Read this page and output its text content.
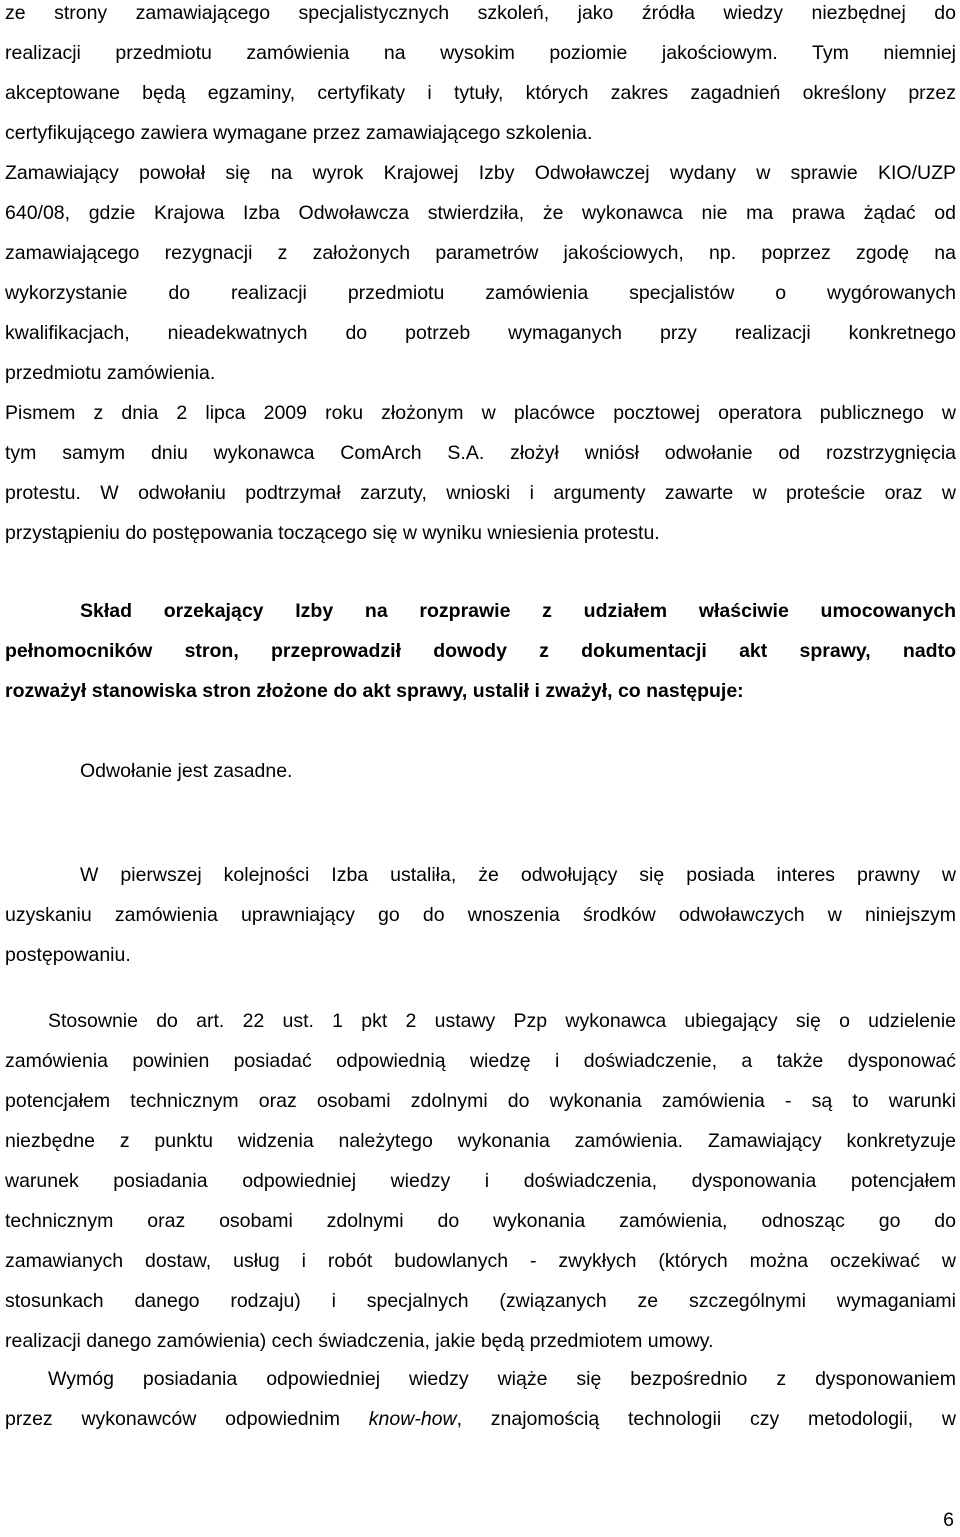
ze strony zamawiającego specjalistycznych szkoleń, jako źródła wiedzy niezbędnej do
realizacji przedmiotu zamówienia na wysokim poziomie jakościowym. Tym niemniej
akceptowane będą egzaminy, certyfikaty i tytuły, których zakres zagadnień określony przez
certyfikującego zawiera wymagane przez zamawiającego szkolenia.
Zamawiający powołał się na wyrok Krajowej Izby Odwoławczej wydany w sprawie KIO/UZP
640/08, gdzie Krajowa Izba Odwoławcza stwierdziła, że wykonawca nie ma prawa żądać od
zamawiającego rezygnacji z założonych parametrów jakościowych, np. poprzez zgodę na
wykorzystanie do realizacji przedmiotu zamówienia specjalistów o wygórowanych
kwalifikacjach, nieadekwatnych do potrzeb wymaganych przy realizacji konkretnego
przedmiotu zamówienia.
Pismem z dnia 2 lipca 2009 roku złożonym w placówce pocztowej operatora publicznego w
tym samym dniu wykonawca ComArch S.A. złożył wniósł odwołanie od rozstrzygnięcia
protestu. W odwołaniu podtrzymał zarzuty, wnioski i argumenty zawarte w proteście oraz w
przystąpieniu do postępowania toczącego się w wyniku wniesienia protestu.
Skład orzekający Izby na rozprawie z udziałem właściwie umocowanych
pełnomocników stron, przeprowadził dowody z dokumentacji akt sprawy, nadto
rozważył stanowiska stron złożone do akt sprawy, ustalił i zważył, co następuje:
Odwołanie jest zasadne.
W pierwszej kolejności Izba ustaliła, że odwołujący się posiada interes prawny w
uzyskaniu zamówienia uprawniający go do wnoszenia środków odwoławczych w niniejszym
postępowaniu.
Stosownie do art. 22 ust. 1 pkt 2 ustawy Pzp wykonawca ubiegający się o udzielenie
zamówienia powinien posiadać odpowiednią wiedzę i doświadczenie, a także dysponować
potencjałem technicznym oraz osobami zdolnymi do wykonania zamówienia - są to warunki
niezbędne z punktu widzenia należytego wykonania zamówienia. Zamawiający konkretyzuje
warunek posiadania odpowiedniej wiedzy i doświadczenia, dysponowania potencjałem
technicznym oraz osobami zdolnymi do wykonania zamówienia, odnosząc go do
zamawianych dostaw, usług i robót budowlanych - zwykłych (których można oczekiwać w
stosunkach danego rodzaju) i specjalnych (związanych ze szczególnymi wymaganiami
realizacji danego zamówienia) cech świadczenia, jakie będą przedmiotem umowy.
Wymóg posiadania odpowiedniej wiedzy wiąże się bezpośrednio z dysponowaniem
przez wykonawców odpowiednim know-how, znajomością technologii czy metodologii, w
6
